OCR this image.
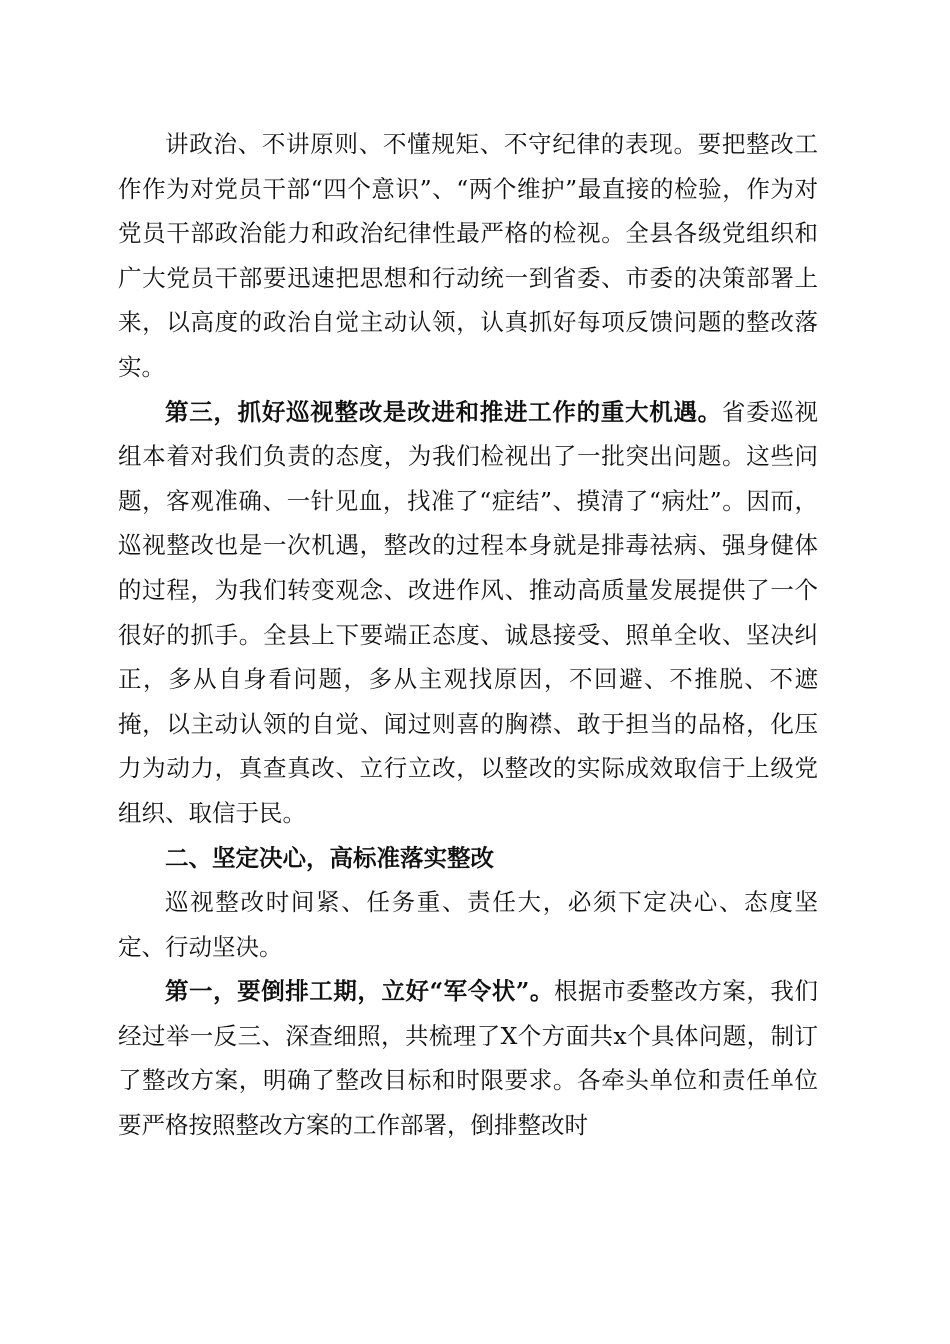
讲政治、不讲原则、不懂规矩、不守纪律的表现。要把整改工作作为对党员干部“四个意识”、“两个维护”最直接的检验，作为对党员干部政治能力和政治纪律性最严格的检视。全县各级党组织和广大党员干部要迅速把思想和行动统一到省委、市委的决策部署上来，以高度的政治自觉主动认领，认真抓好每项反馈问题的整改落实。

第三，抓好巡视整改是改进和推进工作的重大机遇。省委巡视组本着对我们负责的态度，为我们检视出了一批突出问题。这些问题，客观准确、一针见血，找准了“症结”、摸清了“病灶”。因而，巡视整改也是一次机遇，整改的过程本身就是排毒祛病、强身健体的过程，为我们转变观念、改进作风、推动高质量发展提供了一个很好的抓手。全县上下要端正态度、诚恳接受、照单全收、坚决纠正，多从自身看问题，多从主观找原因，不回避、不推脱、不遮掩，以主动认领的自觉、闻过则喜的胸襟、敢于担当的品格，化压力为动力，真查真改、立行立改，以整改的实际成效取信于上级党组织、取信于民。

二、坚定决心，高标准落实整改

巡视整改时间紧、任务重、责任大，必须下定决心、态度坚定、行动坚决。

第一，要倒排工期，立好“军令状”。根据市委整改方案，我们经过举一反三、深查细照，共梳理了X个方面共x个具体问题，制订了整改方案，明确了整改目标和时限要求。各牵头单位和责任单位要严格按照整改方案的工作部署，倒排整改时
